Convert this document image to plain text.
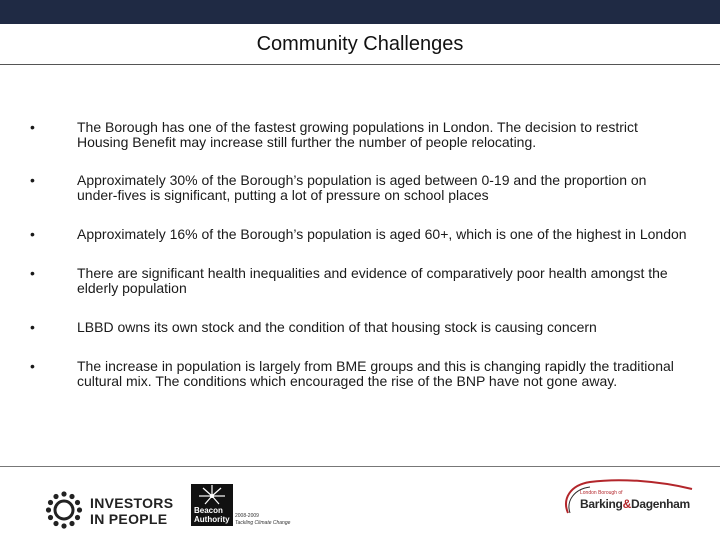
Community Challenges
•	The Borough has one of the fastest growing populations in London. The decision to restrict Housing Benefit may increase still further the number of people relocating.
•	Approximately 30% of the Borough’s population is aged between 0-19 and the proportion on under-fives is significant, putting a lot of pressure on school places
•	Approximately 16% of the Borough’s population is aged 60+, which is one of the highest in London
•	There are significant health inequalities and evidence of comparatively poor health amongst the elderly population
•	LBBD owns its own stock and the condition of that housing stock is causing concern
•	The increase in population is largely from BME groups and this is changing rapidly the traditional cultural mix. The conditions which encouraged the rise of the BNP have not gone away.
INVESTORS
IN PEOPLE
Beacon
Authority	2008-2009
Tackling Climate Change
London Borough of
Barking&Dagenham
